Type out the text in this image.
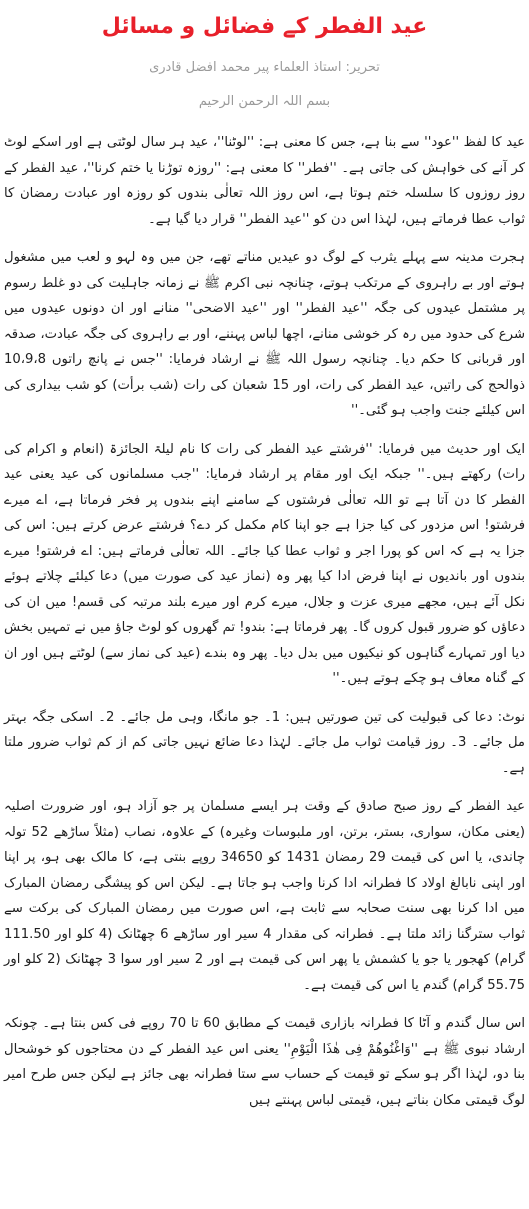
عید الفطر کے فضائل و مسائل
تحریر: استاذ العلماء پیر محمد افضل قادری
بسم اللہ الرحمن الرحیم

عید کا لفظ ''عود'' سے بنا ہے، جس کا معنی ہے: ''لوٹنا''، عید ہر سال لوٹتی ہے اور اسکے لوٹ کر آنے کی خواہش کی جاتی ہے۔ ''فطر'' کا معنی ہے: ''روزہ توڑنا یا ختم کرنا''، عید الفطر کے روز روزوں کا سلسلہ ختم ہوتا ہے، اس روز اللہ تعالٰی بندوں کو روزہ اور عبادت رمضان کا ثواب عطا فرماتے ہیں، لہٰذا اس دن کو ''عید الفطر'' قرار دیا گیا ہے۔

ہجرت مدینہ سے پہلے یثرب کے لوگ دو عیدیں مناتے تھے، جن میں وہ لہو و لعب میں مشغول ہوتے اور بے راہروی کے مرتکب ہوتے، چنانچہ نبی اکرم ﷺ نے زمانہ جاہلیت کی دو غلط رسوم پر مشتمل عیدوں کی جگہ ''عید الفطر'' اور ''عید الاضحی'' منانے اور ان دونوں عیدوں میں شرع کی حدود میں رہ کر خوشی منانے، اچھا لباس پہننے، اور بے راہروی کی جگہ عبادت، صدقہ اور قربانی کا حکم دیا۔ چنانچہ رسول اللہ ﷺ نے ارشاد فرمایا: ''جس نے پانچ راتوں 10،9،8 ذوالحج کی راتیں، عید الفطر کی رات، اور 15 شعبان کی رات (شب برأت) کو شب بیداری کی اس کیلئے جنت واجب ہو گئی۔''

ایک اور حدیث میں فرمایا: ''فرشتے عید الفطر کی رات کا نام لیلۃ الجائزۃ (انعام و اکرام کی رات) رکھتے ہیں۔'' جبکہ ایک اور مقام پر ارشاد فرمایا: ''جب مسلمانوں کی عید یعنی عید الفطر کا دن آتا ہے تو اللہ تعالٰی فرشتوں کے سامنے اپنے بندوں پر فخر فرماتا ہے، اے میرے فرشتو! اس مزدور کی کیا جزا ہے جو اپنا کام مکمل کر دے؟ فرشتے عرض کرتے ہیں: اس کی جزا یہ ہے کہ اس کو پورا اجر و ثواب عطا کیا جائے۔ اللہ تعالٰی فرماتے ہیں: اے فرشتو! میرے بندوں اور باندیوں نے اپنا فرض ادا کیا پھر وہ (نماز عید کی صورت میں) دعا کیلئے چلاتے ہوئے نکل آئے ہیں، مجھے میری عزت و جلال، میرے کرم اور میرے بلند مرتبہ کی قسم! میں ان کی دعاؤں کو ضرور قبول کروں گا۔ پھر فرماتا ہے: بندو! تم گھروں کو لوٹ جاؤ میں نے تمہیں بخش دیا اور تمہارے گناہوں کو نیکیوں میں بدل دیا۔ پھر وہ بندے (عید کی نماز سے) لوٹتے ہیں اور ان کے گناہ معاف ہو چکے ہوتے ہیں۔''

نوٹ: دعا کی قبولیت کی تین صورتیں ہیں: 1۔ جو مانگا، وہی مل جائے۔ 2۔ اسکی جگہ بہتر مل جائے۔ 3۔ روز قیامت ثواب مل جائے۔ لہٰذا دعا ضائع نہیں جاتی کم از کم ثواب ضرور ملتا ہے۔

عید الفطر کے روز صبح صادق کے وقت ہر ایسے مسلمان پر جو آزاد ہو، اور ضرورت اصلیہ (یعنی مکان، سواری، بستر، برتن، اور ملبوسات وغیرہ) کے علاوہ، نصاب (مثلاً ساڑھے 52 تولہ چاندی، یا اس کی قیمت 29 رمضان 1431 کو 34650 روپے بنتی ہے، کا مالک بھی ہو، پر اپنا اور اپنی نابالغ اولاد کا فطرانہ ادا کرنا واجب ہو جاتا ہے۔ لیکن اس کو پیشگی رمضان المبارک میں ادا کرنا بھی سنت صحابہ سے ثابت ہے، اس صورت میں رمضان المبارک کی برکت سے ثواب سترگنا زائد ملتا ہے۔ فطرانہ کی مقدار 4 سیر اور ساڑھے 6 چھٹانک (4 کلو اور 111.50 گرام) کھجور یا جو یا کشمش یا پھر اس کی قیمت ہے اور 2 سیر اور سوا 3 چھٹانک (2 کلو اور 55.75 گرام) گندم یا اس کی قیمت ہے۔

اس سال گندم و آٹا کا فطرانہ بازاری قیمت کے مطابق 60 تا 70 روپے فی کس بنتا ہے۔ چونکہ ارشاد نبوی ﷺ ہے ''وَاغْنُوھُمْ فِی ھٰذَا الْیَوْمِ'' یعنی اس عید الفطر کے دن محتاجوں کو خوشحال بنا دو، لہٰذا اگر ہو سکے تو قیمت کے حساب سے ستا فطرانہ بھی جائز ہے لیکن جس طرح امیر لوگ قیمتی مکان بناتے ہیں، قیمتی لباس پہنتے ہیں
